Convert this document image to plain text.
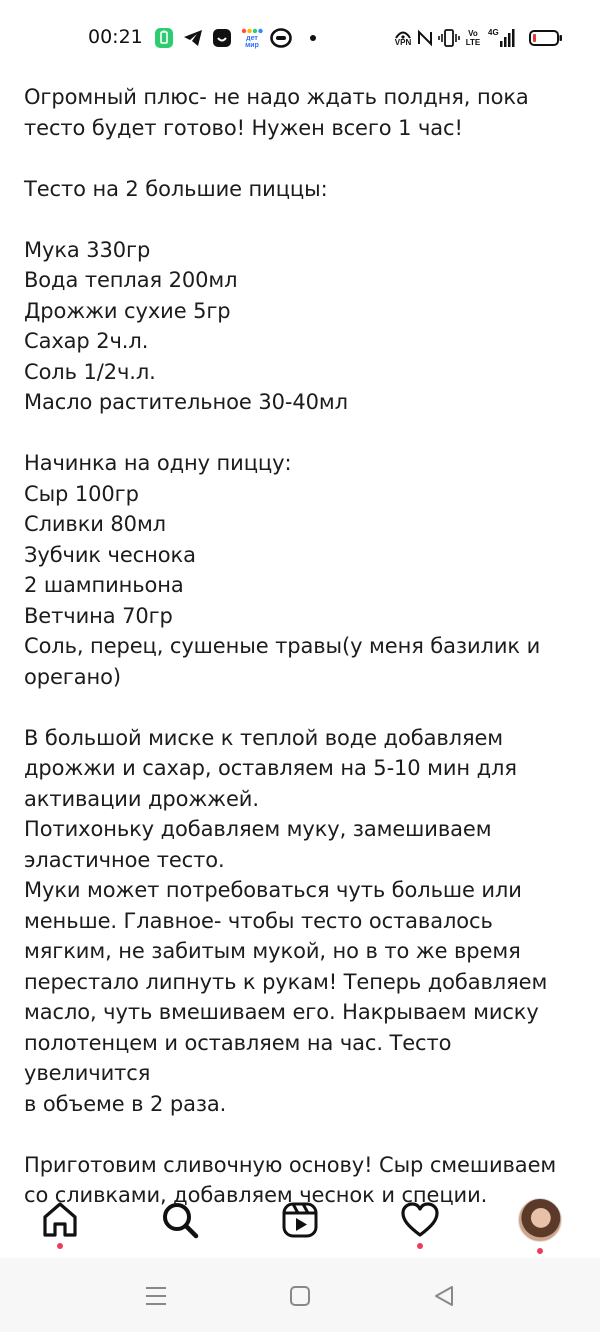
00:21	дет мир	VPN
Vo LTE
4G
Огромный плюс- не надо ждать полдня, пока
тесто будет готово! Нужен всего 1 час!

Тесто на 2 большие пиццы:

Мука 330гр
Вода теплая 200мл
Дрожжи сухие 5гр
Сахар 2ч.л.
Соль 1/2ч.л.
Масло растительное 30-40мл

Начинка на одну пиццу:
Сыр 100гр
Сливки 80мл
Зубчик чеснока
2 шампиньона
Ветчина 70гр
Соль, перец, сушеные травы(у меня базилик и
орегано)

В большой миске к теплой воде добавляем
дрожжи и сахар, оставляем на 5-10 мин для
активации дрожжей.
Потихоньку добавляем муку, замешиваем
эластичное тесто.
Муки может потребоваться чуть больше или
меньше. Главное- чтобы тесто оставалось
мягким, не забитым мукой, но в то же время
перестало липнуть к рукам! Теперь добавляем
масло, чуть вмешиваем его. Накрываем миску
полотенцем и оставляем на час. Тесто увеличится
в объеме в 2 раза.

Приготовим сливочную основу! Сыр смешиваем
со сливками, добавляем чеснок и специи.
